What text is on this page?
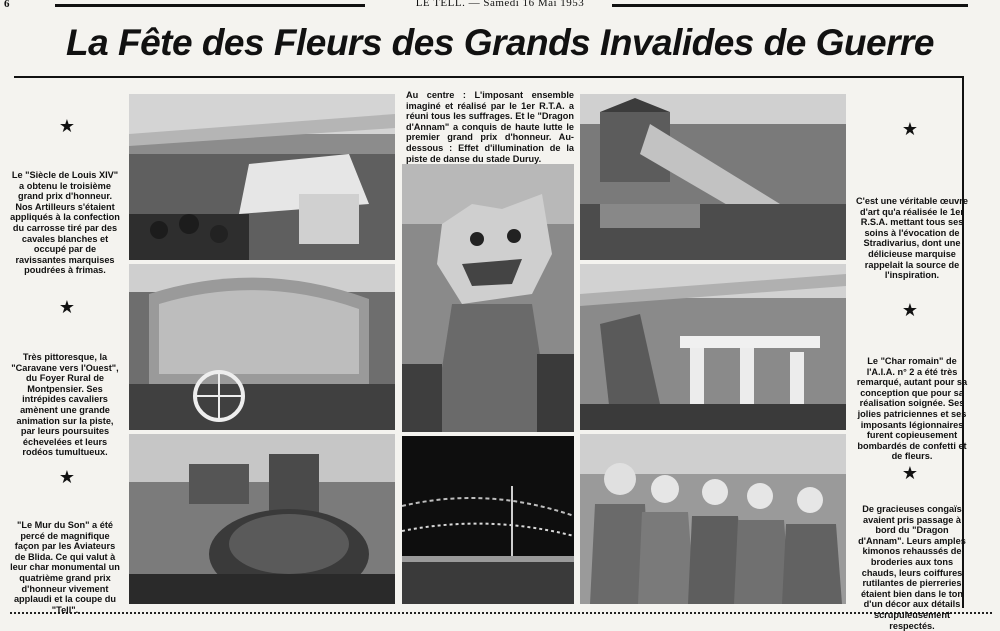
6	LE TELL. — Samedi 16 Mai 1953
La Fête des Fleurs des Grands Invalides de Guerre
★
★
★
★
★
★
Le "Siècle de Louis XIV" a obtenu le troisième grand prix d'honneur. Nos Artilleurs s'étaient appliqués à la confection du carrosse tiré par des cavales blanches et occupé par de ravissantes marquises poudrées à frimas.
Très pittoresque, la "Caravane vers l'Ouest", du Foyer Rural de Montpensier. Ses intrépides cavaliers amènent une grande animation sur la piste, par leurs poursuites échevelées et leurs rodéos tumultueux.
"Le Mur du Son" a été percé de magnifique façon par les Aviateurs de Blida. Ce qui valut à leur char monumental un quatrième grand prix d'honneur vivement applaudi et la coupe du "Tell".
Au centre : L'imposant ensemble imaginé et réalisé par le 1er R.T.A. a réuni tous les suffrages. Et le "Dragon d'Annam" a conquis de haute lutte le premier grand prix d'honneur. Au-dessous : Effet d'illumination de la piste de danse du stade Duruy.
C'est une véritable œuvre d'art qu'a réalisée le 1er R.S.A. mettant tous ses soins à l'évocation de Stradivarius, dont une délicieuse marquise rappelait la source de l'inspiration.
Le "Char romain" de l'A.I.A. n° 2 a été très remarqué, autant pour sa conception que pour sa réalisation soignée. Ses jolies patriciennes et ses imposants légionnaires furent copieusement bombardés de confetti et de fleurs.
De gracieuses congaïs avaient pris passage à bord du "Dragon d'Annam". Leurs amples kimonos rehaussés de broderies aux tons chauds, leurs coiffures rutilantes de pierreries étaient bien dans le ton d'un décor aux détails scrupuleusement respectés.
